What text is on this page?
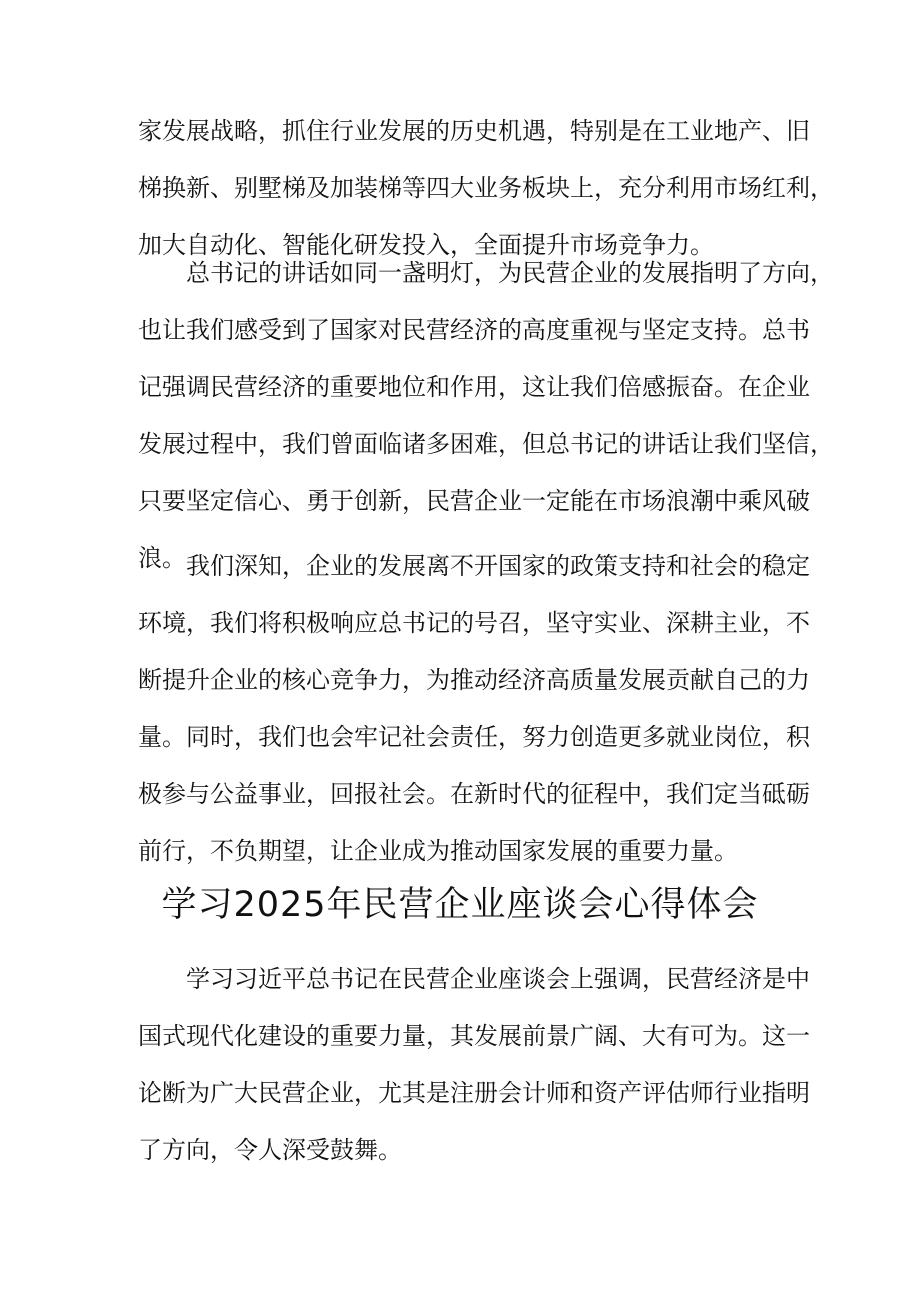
家发展战略，抓住行业发展的历史机遇，特别是在工业地产、旧
梯换新、别墅梯及加装梯等四大业务板块上，充分利用市场红利，
加大自动化、智能化研发投入，全面提升市场竞争力。
总书记的讲话如同一盏明灯，为民营企业的发展指明了方向，
也让我们感受到了国家对民营经济的高度重视与坚定支持。总书
记强调民营经济的重要地位和作用，这让我们倍感振奋。在企业
发展过程中，我们曾面临诸多困难，但总书记的讲话让我们坚信，
只要坚定信心、勇于创新，民营企业一定能在市场浪潮中乘风破
浪。 我们深知，企业的发展离不开国家的政策支持和社会的稳定
环境，我们将积极响应总书记的号召，坚守实业、深耕主业，不
断提升企业的核心竞争力，为推动经济高质量发展贡献自己的力
量。同时，我们也会牢记社会责任，努力创造更多就业岗位，积
极参与公益事业，回报社会。在新时代的征程中，我们定当砥砺
前行，不负期望，让企业成为推动国家发展的重要力量。
学习2025年民营企业座谈会心得体会
学习习近平总书记在民营企业座谈会上强调，民营经济是中
国式现代化建设的重要力量，其发展前景广阔、大有可为。这一
论断为广大民营企业，尤其是注册会计师和资产评估师行业指明
了方向，令人深受鼓舞。
